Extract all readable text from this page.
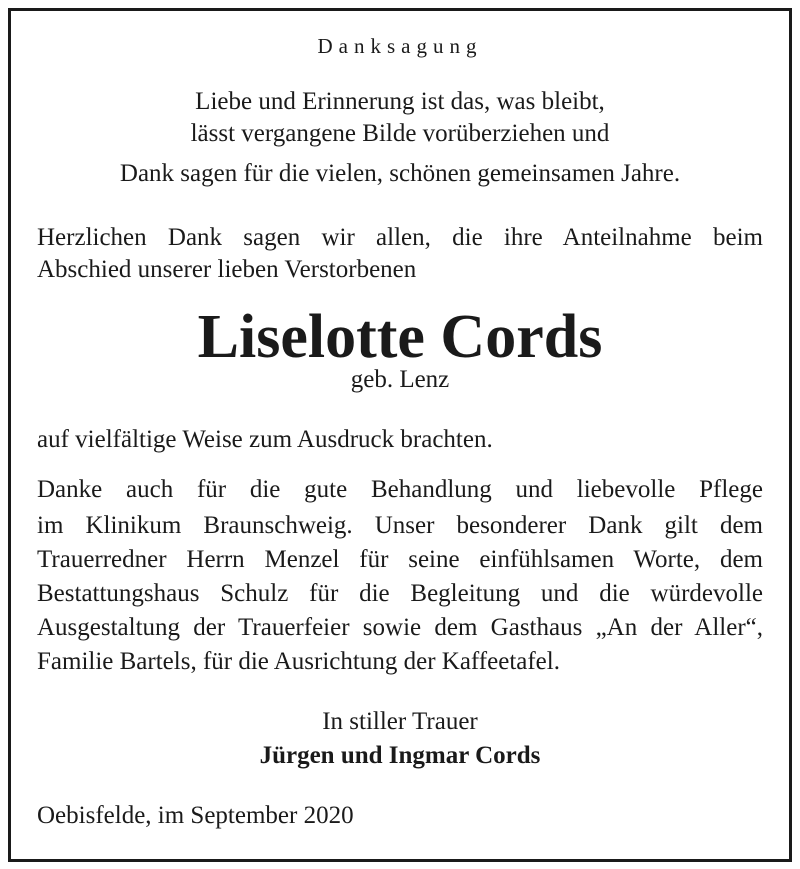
Danksagung

Liebe und Erinnerung ist das, was bleibt,

lässt vergangene Bilde vorüberziehen und

Dank sagen für die vielen, schönen gemeinsamen Jahre.

Herzlichen Dank sagen wir allen, die ihre Anteilnahme beim

Abschied unserer lieben Verstorbenen

Liselotte Cords

geb. Lenz

auf vielfältige Weise zum Ausdruck brachten.

Danke auch für die gute Behandlung und liebevolle Pflege

im Klinikum Braunschweig. Unser besonderer Dank gilt dem

Trauerredner Herrn Menzel für seine einfühlsamen Worte, dem

Bestattungshaus Schulz für die Begleitung und die würdevolle

Ausgestaltung der Trauerfeier sowie dem Gasthaus „An der Aller“,

Familie Bartels, für die Ausrichtung der Kaffeetafel.

In stiller Trauer

Jürgen und Ingmar Cords

Oebisfelde, im September 2020
